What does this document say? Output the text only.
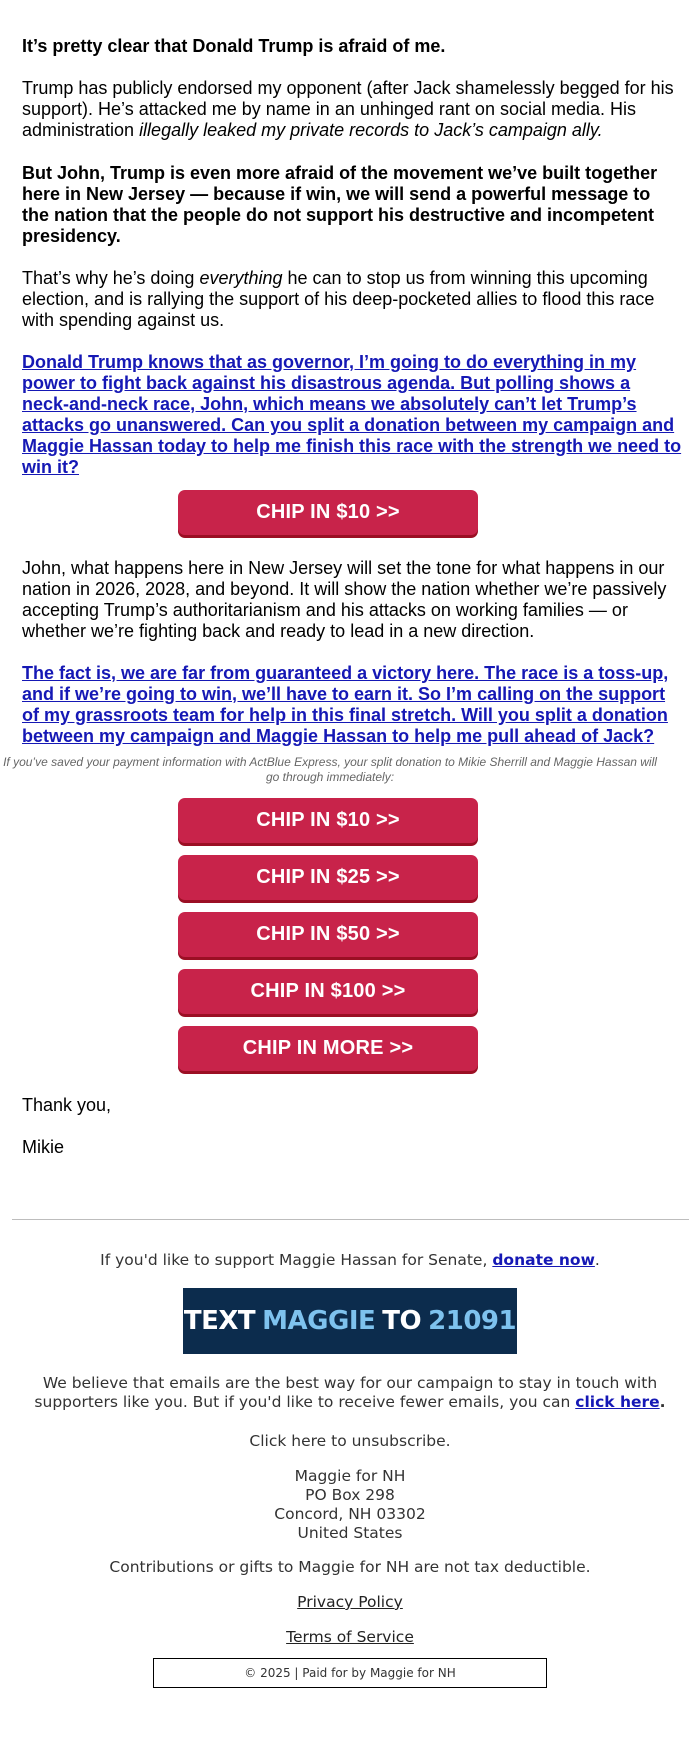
It’s pretty clear that Donald Trump is afraid of me.

Trump has publicly endorsed my opponent (after Jack shamelessly begged for his support). He’s attacked me by name in an unhinged rant on social media. His administration illegally leaked my private records to Jack’s campaign ally.

But John, Trump is even more afraid of the movement we’ve built together here in New Jersey — because if win, we will send a powerful message to the nation that the people do not support his destructive and incompetent presidency.

That’s why he’s doing everything he can to stop us from winning this upcoming election, and is rallying the support of his deep-pocketed allies to flood this race with spending against us.

Donald Trump knows that as governor, I’m going to do everything in my power to fight back against his disastrous agenda. But polling shows a neck-and-neck race, John, which means we absolutely can’t let Trump’s attacks go unanswered. Can you split a donation between my campaign and Maggie Hassan today to help me finish this race with the strength we need to win it?

John, what happens here in New Jersey will set the tone for what happens in our nation in 2026, 2028, and beyond. It will show the nation whether we’re passively accepting Trump’s authoritarianism and his attacks on working families — or whether we’re fighting back and ready to lead in a new direction.

The fact is, we are far from guaranteed a victory here. The race is a toss-up, and if we’re going to win, we’ll have to earn it. So I’m calling on the support of my grassroots team for help in this final stretch. Will you split a donation between my campaign and Maggie Hassan to help me pull ahead of Jack?

CHIP IN $10 >>
If you’ve saved your payment information with ActBlue Express, your split donation to Mikie Sherrill and Maggie Hassan will go through immediately:
CHIP IN $10 >>
CHIP IN $25 >>
CHIP IN $50 >>
CHIP IN $100 >>
CHIP IN MORE >>

Thank you,

Mikie

If you'd like to support Maggie Hassan for Senate, donate now.
TEXT MAGGIE TO 21091
We believe that emails are the best way for our campaign to stay in touch with supporters like you. But if you'd like to receive fewer emails, you can click here.
Click here to unsubscribe.
Maggie for NH
PO Box 298
Concord, NH 03302
United States
Contributions or gifts to Maggie for NH are not tax deductible.
Privacy Policy
Terms of Service
© 2025 | Paid for by Maggie for NH
